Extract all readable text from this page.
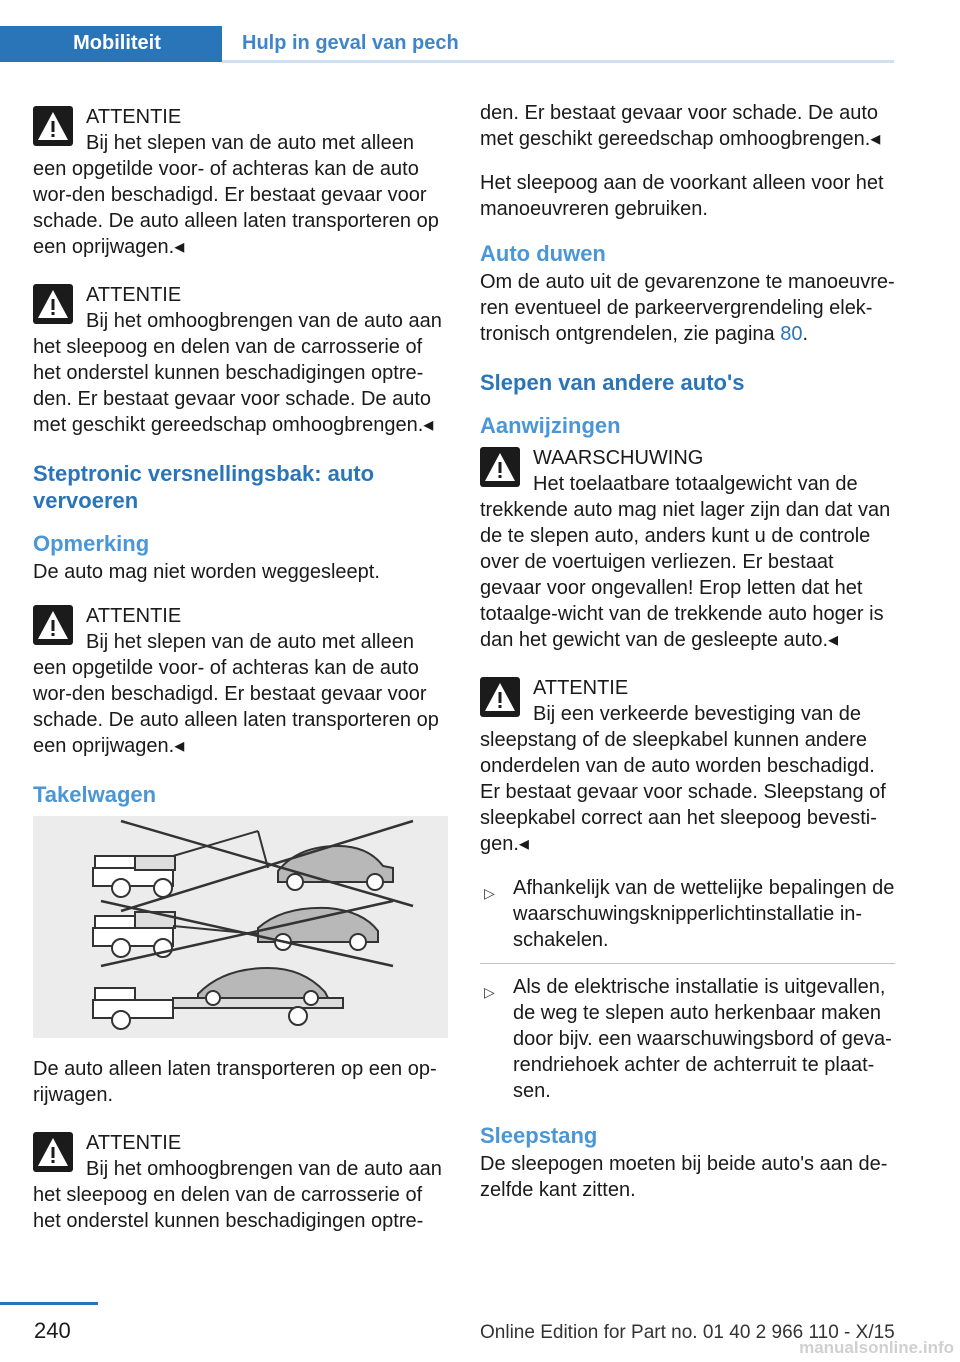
Mobiliteit	Hulp in geval van pech
ATTENTIE

Bij het slepen van de auto met alleen een opgetilde voor- of achteras kan de auto wor-den beschadigd. Er bestaat gevaar voor schade. De auto alleen laten transporteren op een oprijwagen.◂

ATTENTIE

Bij het omhoogbrengen van de auto aan het sleepoog en delen van de carrosserie of het onderstel kunnen beschadigingen optre-den. Er bestaat gevaar voor schade. De auto met geschikt gereedschap omhoogbrengen.◂

Steptronic versnellingsbak: auto vervoeren
Opmerking

De auto mag niet worden weggesleept.

ATTENTIE

Bij het slepen van de auto met alleen een opgetilde voor- of achteras kan de auto wor-den beschadigd. Er bestaat gevaar voor schade. De auto alleen laten transporteren op een oprijwagen.◂

Takelwagen

De auto alleen laten transporteren op een op-rijwagen.

ATTENTIE

Bij het omhoogbrengen van de auto aan het sleepoog en delen van de carrosserie of het onderstel kunnen beschadigingen optre-

den. Er bestaat gevaar voor schade. De auto met geschikt gereedschap omhoogbrengen.◂

Het sleepoog aan de voorkant alleen voor het manoeuvreren gebruiken.

Auto duwen

Om de auto uit de gevarenzone te manoeuvre-ren eventueel de parkeervergrendeling elek-tronisch ontgrendelen, zie pagina 80.

Slepen van andere auto's
Aanwijzingen
WAARSCHUWING

Het toelaatbare totaalgewicht van de trekkende auto mag niet lager zijn dan dat van de te slepen auto, anders kunt u de controle over de voertuigen verliezen. Er bestaat gevaar voor ongevallen! Erop letten dat het totaalge-wicht van de trekkende auto hoger is dan het gewicht van de gesleepte auto.◂

ATTENTIE

Bij een verkeerde bevestiging van de sleepstang of de sleepkabel kunnen andere onderdelen van de auto worden beschadigd. Er bestaat gevaar voor schade. Sleepstang of sleepkabel correct aan het sleepoog bevesti-gen.◂

▷ Afhankelijk van de wettelijke bepalingen de waarschuwingsknipperlichtinstallatie in-schakelen.
▷ Als de elektrische installatie is uitgevallen, de weg te slepen auto herkenbaar maken door bijv. een waarschuwingsbord of geva-rendriehoek achter de achterruit te plaat-sen.
Sleepstang

De sleepogen moeten bij beide auto's aan de-zelfde kant zitten.

240	Online Edition for Part no. 01 40 2 966 110 - X/15
manualsonline.info
